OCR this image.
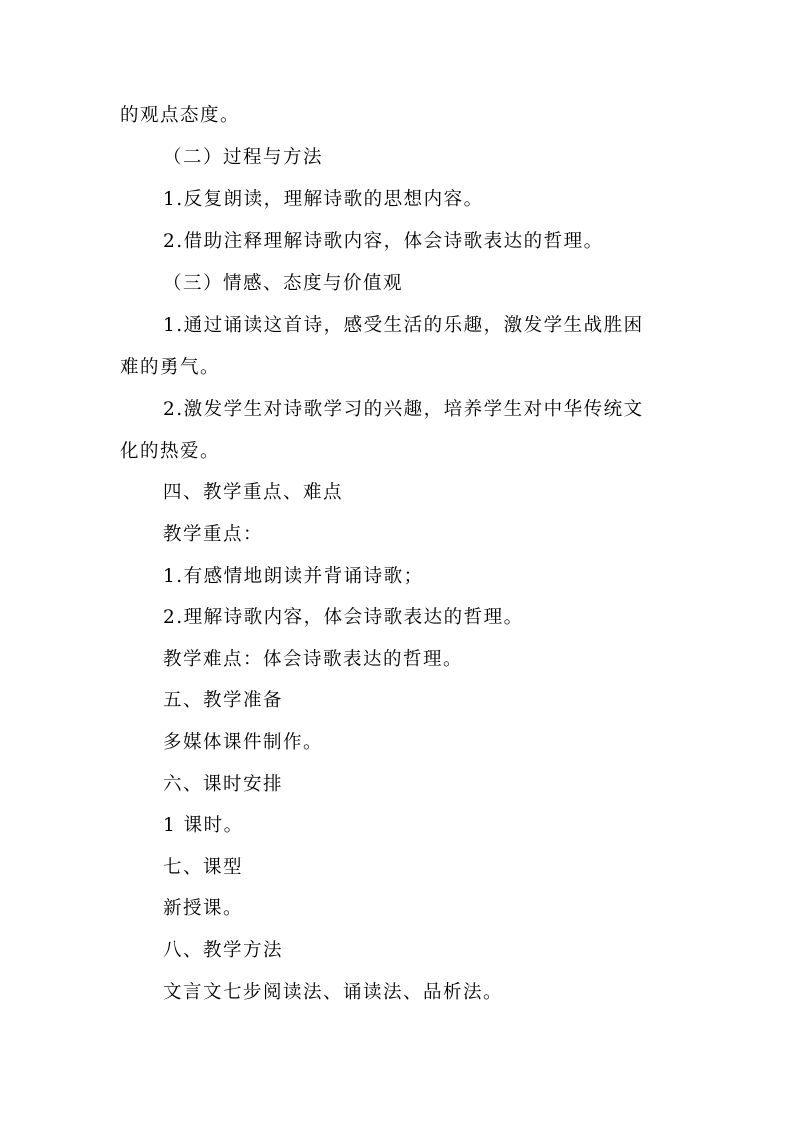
的观点态度。
（二）过程与方法
1.反复朗读，理解诗歌的思想内容。
2.借助注释理解诗歌内容，体会诗歌表达的哲理。
（三）情感、态度与价值观
1.通过诵读这首诗，感受生活的乐趣，激发学生战胜困
难的勇气。
2.激发学生对诗歌学习的兴趣，培养学生对中华传统文
化的热爱。
四、教学重点、难点
教学重点：
1.有感情地朗读并背诵诗歌；
2.理解诗歌内容，体会诗歌表达的哲理。
教学难点：体会诗歌表达的哲理。
五、教学准备
多媒体课件制作。
六、课时安排
1 课时。
七、课型
新授课。
八、教学方法
文言文七步阅读法、诵读法、品析法。
